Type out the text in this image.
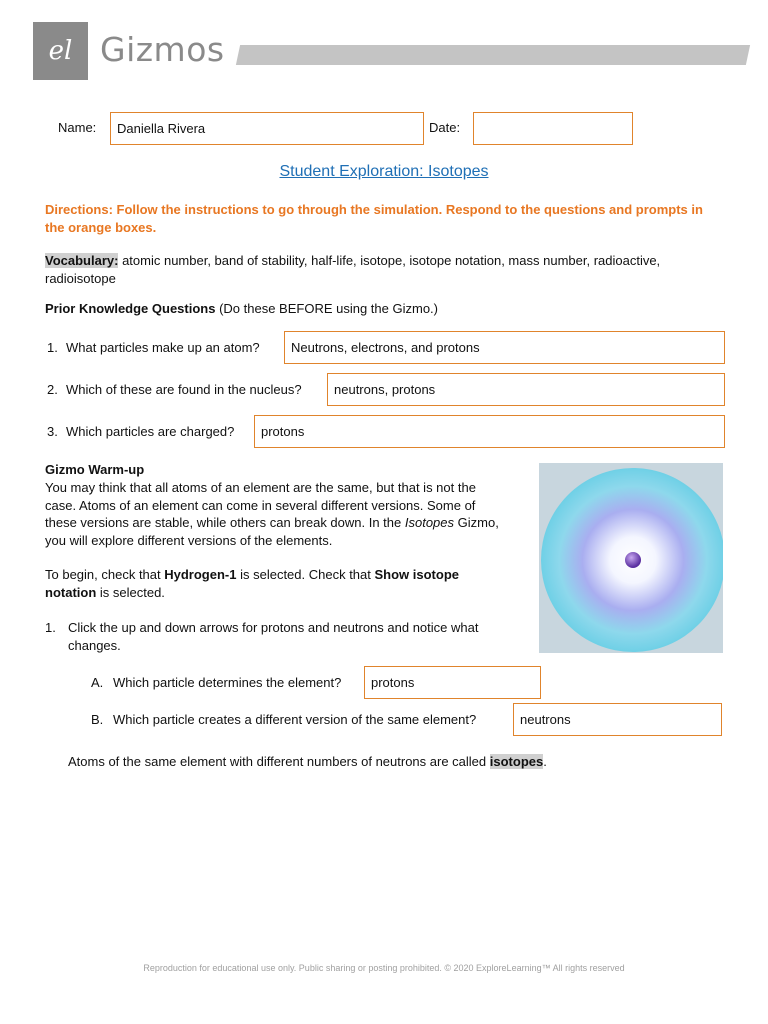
el Gizmos
Name:	Daniella Rivera	Date:
Student Exploration: Isotopes
Directions: Follow the instructions to go through the simulation. Respond to the questions and prompts in the orange boxes.
Vocabulary: atomic number, band of stability, half-life, isotope, isotope notation, mass number, radioactive, radioisotope
Prior Knowledge Questions (Do these BEFORE using the Gizmo.)
1. What particles make up an atom?	Neutrons, electrons, and protons
2. Which of these are found in the nucleus?	neutrons, protons
3. Which particles are charged?	protons
Gizmo Warm-up
You may think that all atoms of an element are the same, but that is not the case. Atoms of an element can come in several different versions. Some of these versions are stable, while others can break down. In the Isotopes Gizmo, you will explore different versions of the elements.
To begin, check that Hydrogen-1 is selected. Check that Show isotope notation is selected.
1. Click the up and down arrows for protons and neutrons and notice what changes.
A. Which particle determines the element?	protons
B. Which particle creates a different version of the same element?	neutrons
Atoms of the same element with different numbers of neutrons are called isotopes.
Reproduction for educational use only. Public sharing or posting prohibited. © 2020 ExploreLearning™ All rights reserved
